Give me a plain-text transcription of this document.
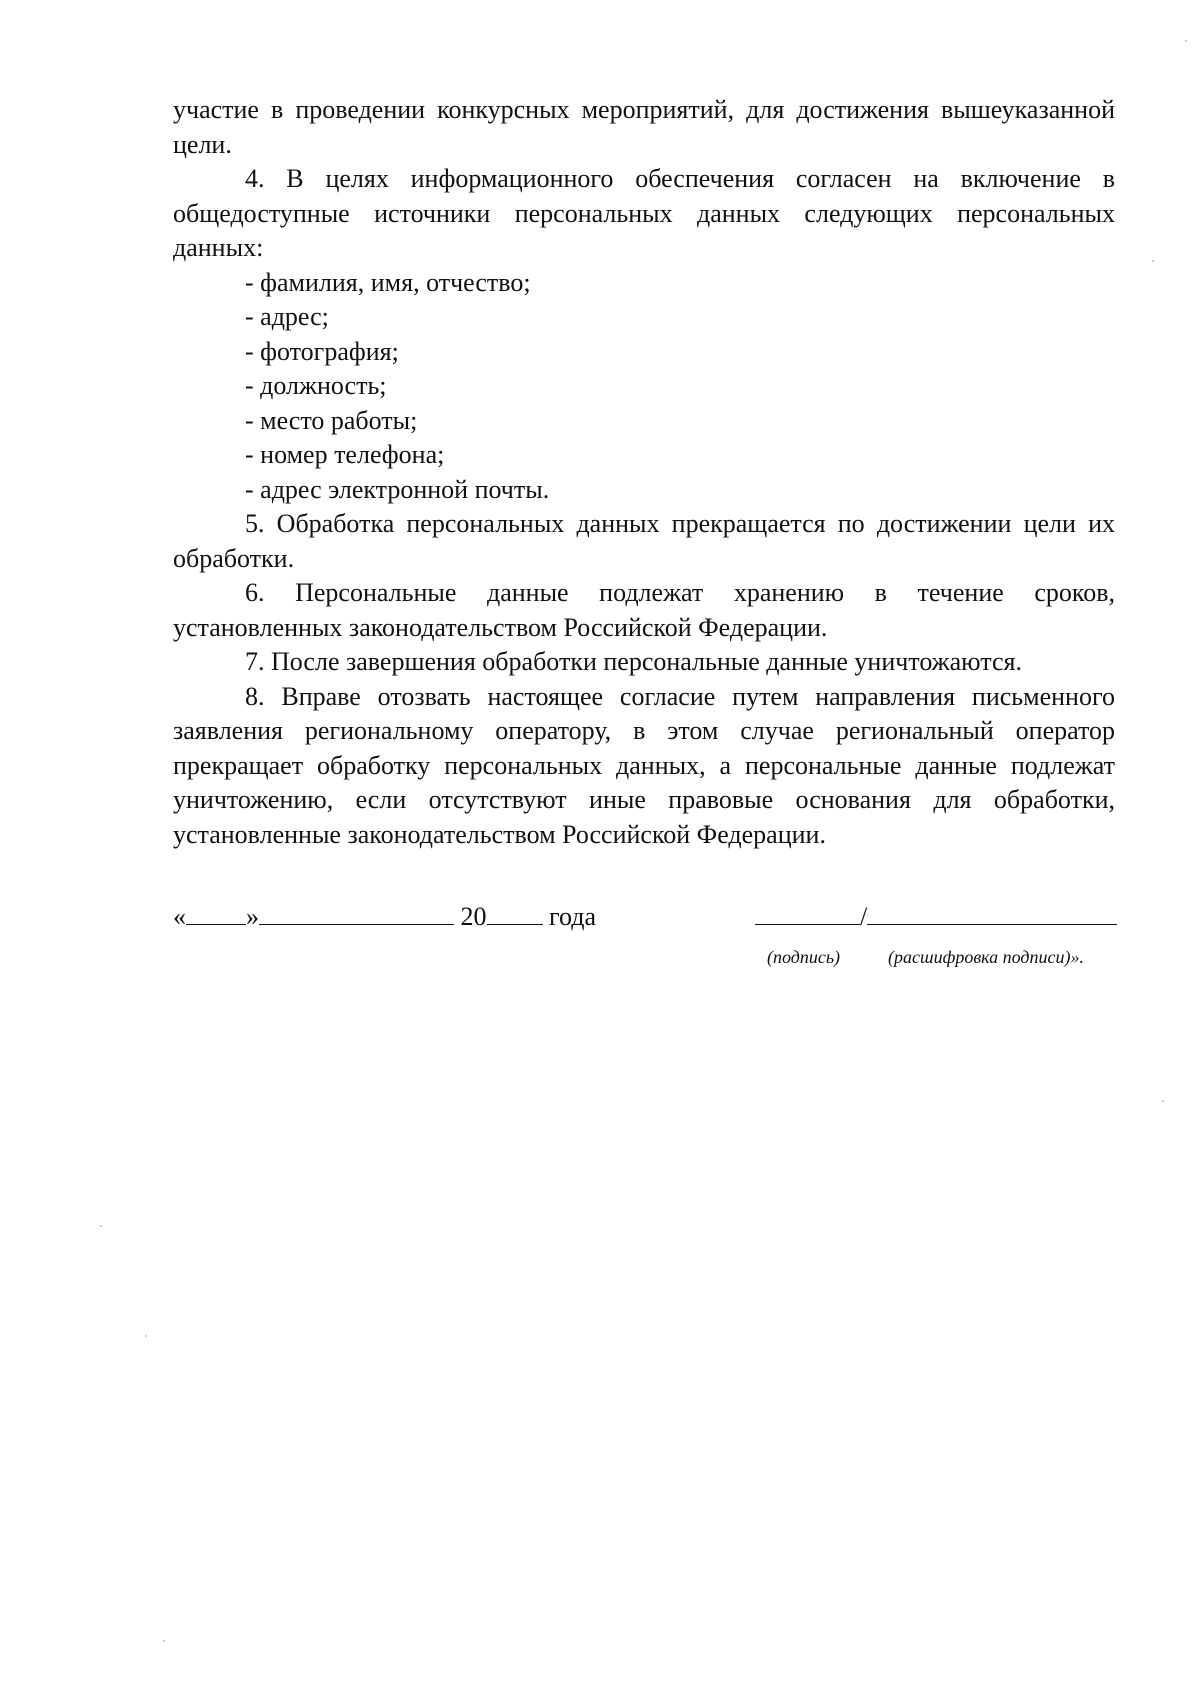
участие в проведении конкурсных мероприятий, для достижения вышеуказанной цели.

4. В целях информационного обеспечения согласен на включение в общедоступные источники персональных данных следующих персональных данных:

- фамилия, имя, отчество;
- адрес;
- фотография;
- должность;
- место работы;
- номер телефона;
- адрес электронной почты.

5. Обработка персональных данных прекращается по достижении цели их обработки.

6. Персональные данные подлежат хранению в течение сроков, установленных законодательством Российской Федерации.

7. После завершения обработки персональные данные уничтожаются.

8. Вправе отозвать настоящее согласие путем направления письменного заявления региональному оператору, в этом случае региональный оператор прекращает обработку персональных данных, а персональные данные подлежат уничтожению, если отсутствуют иные правовые основания для обработки, установленные законодательством Российской Федерации.

« »	20 года	/
(подпись)	(расшифровка подписи)».
